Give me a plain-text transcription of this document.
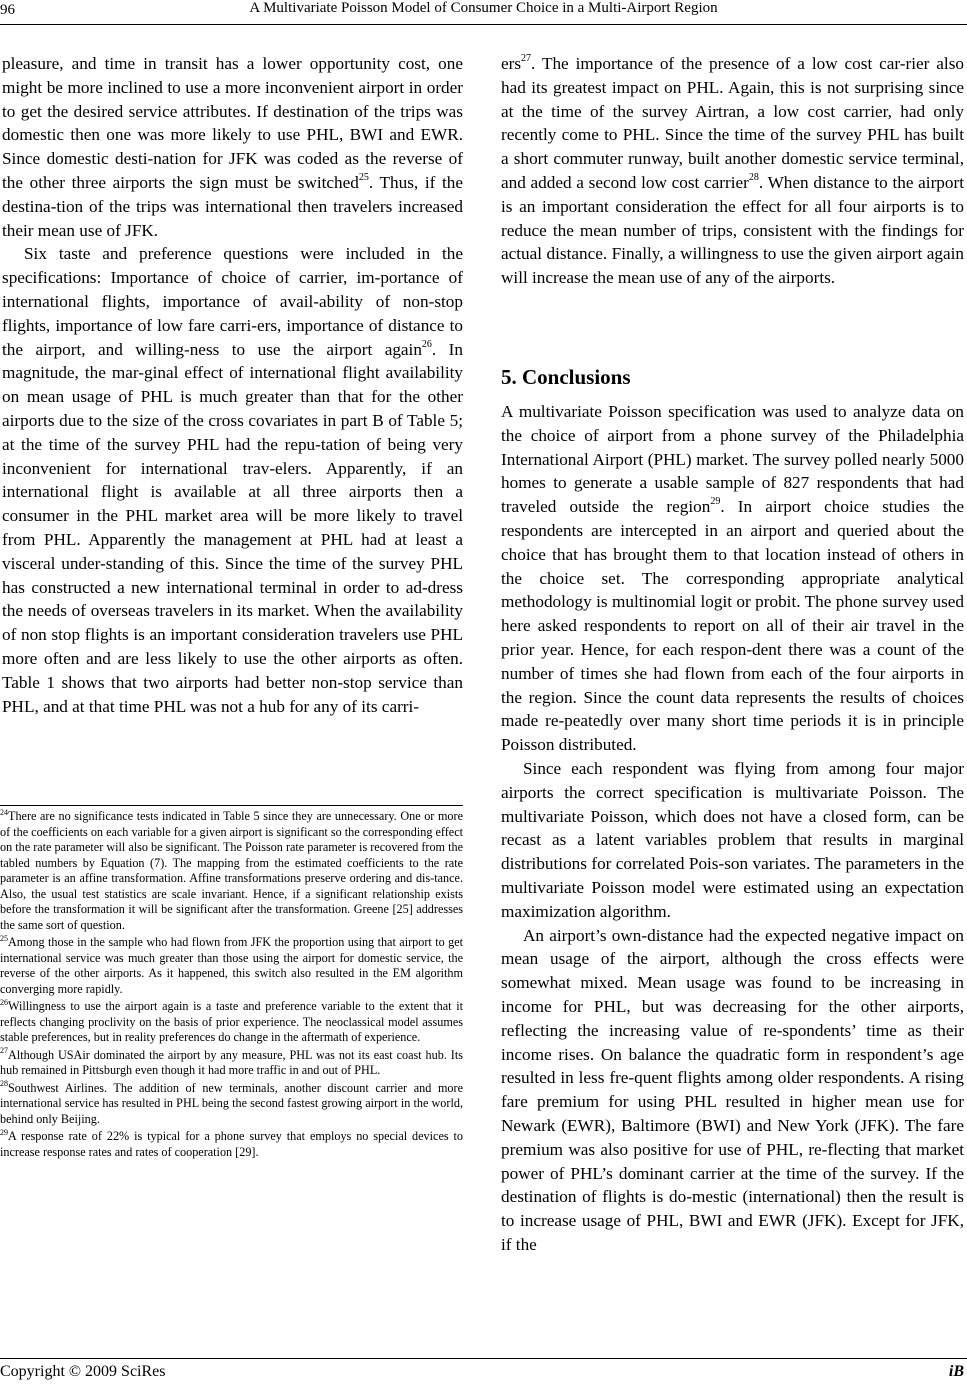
96	A Multivariate Poisson Model of Consumer Choice in a Multi-Airport Region

pleasure, and time in transit has a lower opportunity cost, one might be more inclined to use a more inconvenient airport in order to get the desired service attributes. If destination of the trips was domestic then one was more likely to use PHL, BWI and EWR. Since domestic desti-nation for JFK was coded as the reverse of the other three airports the sign must be switched$^{25}$. Thus, if the destina-tion of the trips was international then travelers increased their mean use of JFK.

Six taste and preference questions were included in the specifications: Importance of choice of carrier, im-portance of international flights, importance of avail-ability of non-stop flights, importance of low fare carri-ers, importance of distance to the airport, and willing-ness to use the airport again$^{26}$. In magnitude, the mar-ginal effect of international flight availability on mean usage of PHL is much greater than that for the other airports due to the size of the cross covariates in part B of Table 5; at the time of the survey PHL had the repu-tation of being very inconvenient for international trav-elers. Apparently, if an international flight is available at all three airports then a consumer in the PHL market area will be more likely to travel from PHL. Apparently the management at PHL had at least a visceral under-standing of this. Since the time of the survey PHL has constructed a new international terminal in order to ad-dress the needs of overseas travelers in its market. When the availability of non stop flights is an important consideration travelers use PHL more often and are less likely to use the other airports as often. Table 1 shows that two airports had better non-stop service than PHL, and at that time PHL was not a hub for any of its carri-

$^{24}$There are no significance tests indicated in Table 5 since they are unnecessary. One or more of the coefficients on each variable for a given airport is significant so the corresponding effect on the rate parameter will also be significant. The Poisson rate parameter is recovered from the tabled numbers by Equation (7). The mapping from the estimated coefficients to the rate parameter is an affine transformation. Affine transformations preserve ordering and dis-tance. Also, the usual test statistics are scale invariant. Hence, if a significant relationship exists before the transformation it will be significant after the transformation. Greene [25] addresses the same sort of question.

$^{25}$Among those in the sample who had flown from JFK the proportion using that airport to get international service was much greater than those using the airport for domestic service, the reverse of the other airports. As it happened, this switch also resulted in the EM algorithm converging more rapidly.

$^{26}$Willingness to use the airport again is a taste and preference variable to the extent that it reflects changing proclivity on the basis of prior experience. The neoclassical model assumes stable preferences, but in reality preferences do change in the aftermath of experience.

$^{27}$Although USAir dominated the airport by any measure, PHL was not its east coast hub. Its hub remained in Pittsburgh even though it had more traffic in and out of PHL.

$^{28}$Southwest Airlines. The addition of new terminals, another discount carrier and more international service has resulted in PHL being the second fastest growing airport in the world, behind only Beijing.

$^{29}$A response rate of 22% is typical for a phone survey that employs no special devices to increase response rates and rates of cooperation [29].

ers$^{27}$. The importance of the presence of a low cost car-rier also had its greatest impact on PHL. Again, this is not surprising since at the time of the survey Airtran, a low cost carrier, had only recently come to PHL. Since the time of the survey PHL has built a short commuter runway, built another domestic service terminal, and added a second low cost carrier$^{28}$. When distance to the airport is an important consideration the effect for all four airports is to reduce the mean number of trips, consistent with the findings for actual distance. Finally, a willingness to use the given airport again will increase the mean use of any of the airports.

5. Conclusions

A multivariate Poisson specification was used to analyze data on the choice of airport from a phone survey of the Philadelphia International Airport (PHL) market. The survey polled nearly 5000 homes to generate a usable sample of 827 respondents that had traveled outside the region$^{29}$. In airport choice studies the respondents are intercepted in an airport and queried about the choice that has brought them to that location instead of others in the choice set. The corresponding appropriate analytical methodology is multinomial logit or probit. The phone survey used here asked respondents to report on all of their air travel in the prior year. Hence, for each respon-dent there was a count of the number of times she had flown from each of the four airports in the region. Since the count data represents the results of choices made re-peatedly over many short time periods it is in principle Poisson distributed.

Since each respondent was flying from among four major airports the correct specification is multivariate Poisson. The multivariate Poisson, which does not have a closed form, can be recast as a latent variables problem that results in marginal distributions for correlated Pois-son variates. The parameters in the multivariate Poisson model were estimated using an expectation maximization algorithm.

An airport’s own-distance had the expected negative impact on mean usage of the airport, although the cross effects were somewhat mixed. Mean usage was found to be increasing in income for PHL, but was decreasing for the other airports, reflecting the increasing value of re-spondents’ time as their income rises. On balance the quadratic form in respondent’s age resulted in less fre-quent flights among older respondents. A rising fare premium for using PHL resulted in higher mean use for Newark (EWR), Baltimore (BWI) and New York (JFK). The fare premium was also positive for use of PHL, re-flecting that market power of PHL’s dominant carrier at the time of the survey. If the destination of flights is do-mestic (international) then the result is to increase usage of PHL, BWI and EWR (JFK). Except for JFK, if the

Copyright © 2009 SciRes	iB
